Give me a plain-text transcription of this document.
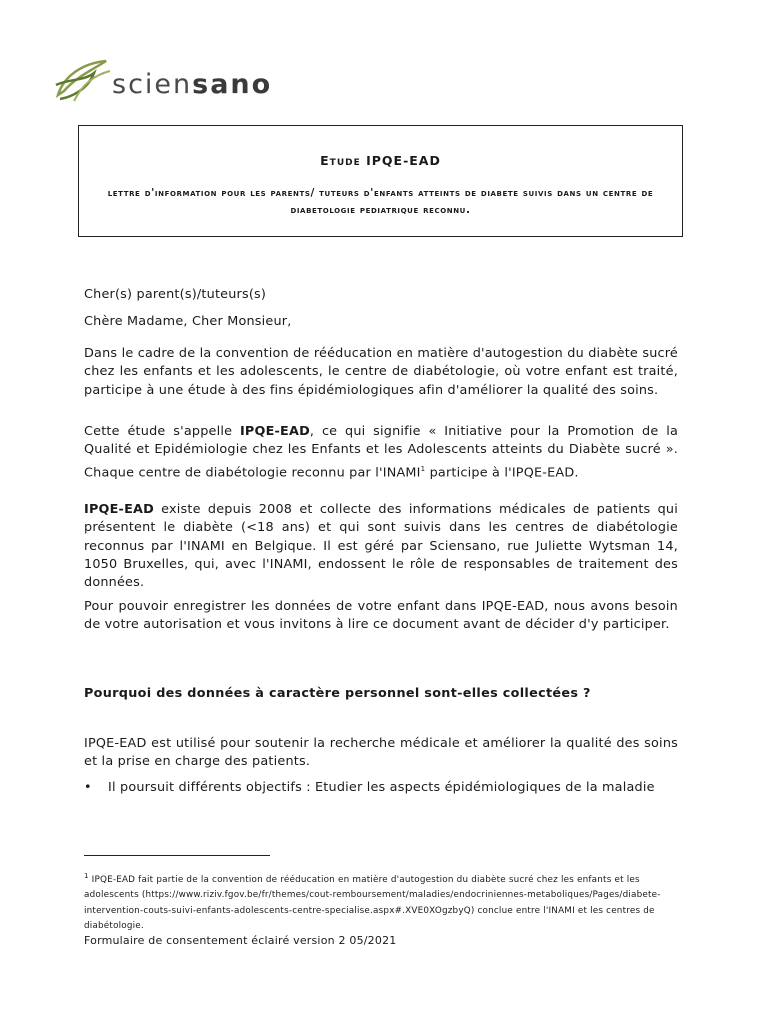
sciensano
Etude IPQE-EAD
lettre d'information pour les parents/ tuteurs d'enfants atteints de diabete suivis dans un centre de diabetologie pediatrique reconnu.
Cher(s) parent(s)/tuteurs(s)
Chère Madame, Cher Monsieur,

Dans le cadre de la convention de rééducation en matière d'autogestion du diabète sucré chez les enfants et les adolescents, le centre de diabétologie, où votre enfant est traité, participe à une étude à des fins épidémiologiques afin d'améliorer la qualité des soins.

Cette étude s'appelle IPQE-EAD, ce qui signifie « Initiative pour la Promotion de la Qualité et Epidémiologie chez les Enfants et les Adolescents atteints du Diabète sucré ». Chaque centre de diabétologie reconnu par l'INAMI$^1$ participe à l'IPQE-EAD.

IPQE-EAD existe depuis 2008 et collecte des informations médicales de patients qui présentent le diabète (<18 ans) et qui sont suivis dans les centres de diabétologie reconnus par l'INAMI en Belgique. Il est géré par Sciensano, rue Juliette Wytsman 14, 1050 Bruxelles, qui, avec l'INAMI, endossent le rôle de responsables de traitement des données.

Pour pouvoir enregistrer les données de votre enfant dans IPQE-EAD, nous avons besoin de votre autorisation et vous invitons à lire ce document avant de décider d'y participer.

Pourquoi des données à caractère personnel sont-elles collectées ?

IPQE-EAD est utilisé pour soutenir la recherche médicale et améliorer la qualité des soins et la prise en charge des patients.

• Il poursuit différents objectifs : Etudier les aspects épidémiologiques de la maladie

$^1$ IPQE-EAD fait partie de la convention de rééducation en matière d'autogestion du diabète sucré chez les enfants et les adolescents (https://www.riziv.fgov.be/fr/themes/cout-remboursement/maladies/endocriniennes-metaboliques/Pages/diabete-intervention-couts-suivi-enfants-adolescents-centre-specialise.aspx#.XVE0XOgzbyQ) conclue entre l'INAMI et les centres de diabétologie.

Formulaire de consentement éclairé version 2 05/2021
